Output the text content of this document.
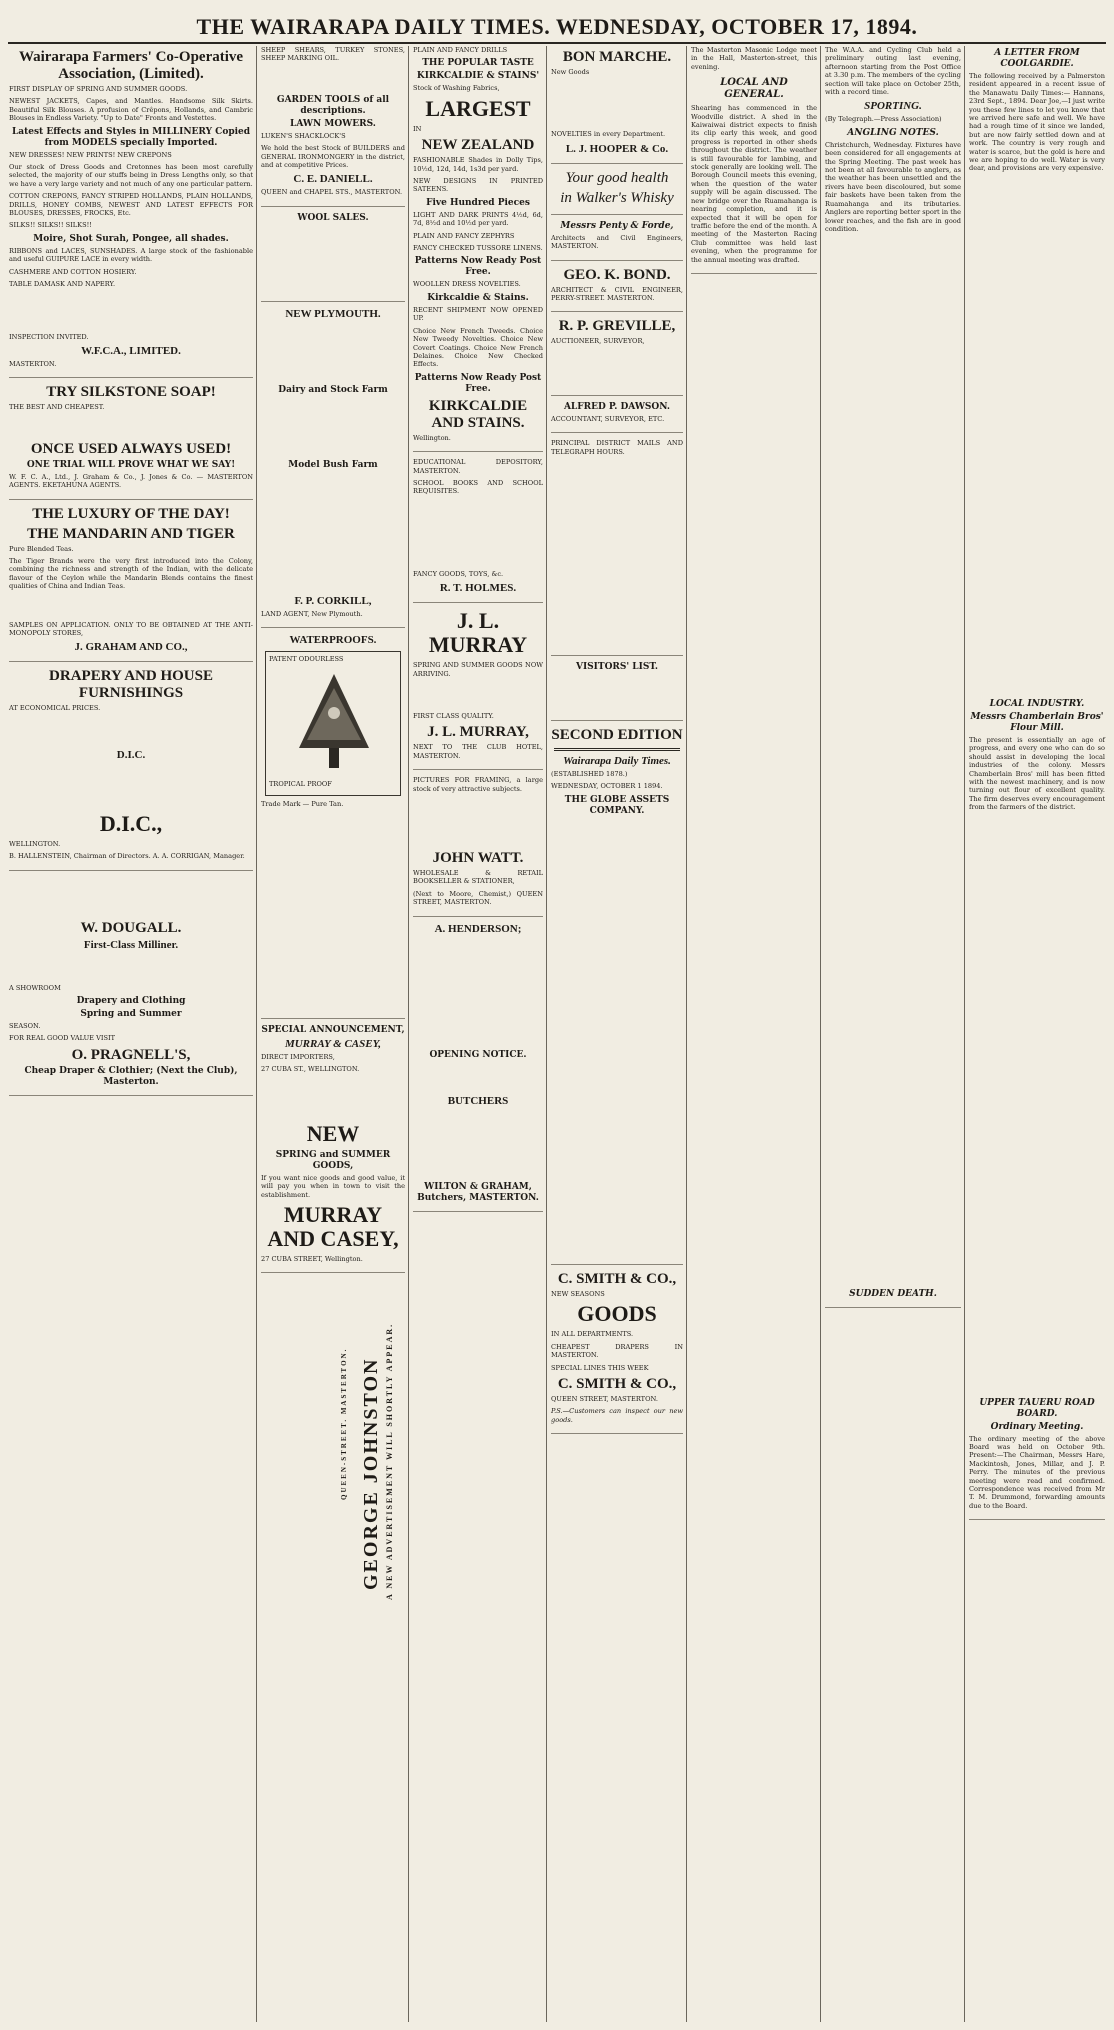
THE WAIRARAPA DAILY TIMES. WEDNESDAY, OCTOBER 17, 1894.
Wairarapa Farmers' Co-Operative Association, (Limited).

FIRST DISPLAY OF SPRING AND SUMMER GOODS.

NEWEST JACKETS, Capes, and Mantles. Handsome Silk Skirts. Beautiful Silk Blouses. A profusion of Crêpons, Hollands, and Cambric Blouses in Endless Variety. "Up to Date" Fronts and Vestettes.

Latest Effects and Styles in MILLINERY Copied from MODELS specially Imported.

NEW DRESSES! NEW PRINTS! NEW CREPONS

Our stock of Dress Goods and Cretonnes has been most carefully selected, the majority of our stuffs being in Dress Lengths only, so that we have a very large variety and not much of any one particular pattern.

COTTON CREPONS, FANCY STRIPED HOLLANDS, PLAIN HOLLANDS, DRILLS, HONEY COMBS, NEWEST AND LATEST EFFECTS FOR BLOUSES, DRESSES, FROCKS, Etc.

SILKS!! SILKS!! SILKS!!

Moire, Shot Surah, Pongee, all shades.

RIBBONS and LACES, SUNSHADES. A large stock of the fashionable and useful GUIPURE LACE in every width.

CASHMERE AND COTTON HOSIERY.

TABLE DAMASK AND NAPERY.

INSPECTION INVITED.

W.F.C.A., LIMITED.

MASTERTON.

TRY SILKSTONE SOAP!

THE BEST AND CHEAPEST.

ONCE USED ALWAYS USED!
ONE TRIAL WILL PROVE WHAT WE SAY!

W. F. C. A., Ltd., J. Graham & Co., J. Jones & Co. — MASTERTON AGENTS. EKETAHUNA AGENTS.

THE LUXURY OF THE DAY!
THE MANDARIN AND TIGER

Pure Blended Teas.

The Tiger Brands were the very first introduced into the Colony, combining the richness and strength of the Indian, with the delicate flavour of the Ceylon while the Mandarin Blends contains the finest qualities of China and Indian Teas.

SAMPLES ON APPLICATION. ONLY TO BE OBTAINED AT THE ANTI-MONOPOLY STORES,

J. GRAHAM AND CO.,
DRAPERY AND HOUSE FURNISHINGS

AT ECONOMICAL PRICES.

D.I.C.
D.I.C.,

WELLINGTON.

B. HALLENSTEIN, Chairman of Directors. A. A. CORRIGAN, Manager.

W. DOUGALL.
First-Class Milliner.

A SHOWROOM

Drapery and Clothing
Spring and Summer

SEASON.

FOR REAL GOOD VALUE VISIT

O. PRAGNELL'S,
Cheap Draper & Clothier; (Next the Club), Masterton.

SHEEP SHEARS, TURKEY STONES, SHEEP MARKING OIL.

GARDEN TOOLS of all descriptions.
LAWN MOWERS.

LUKEN'S SHACKLOCK'S

We hold the best Stock of BUILDERS and GENERAL IRONMONGERY in the district, and at competitive Prices.

C. E. DANIELL.

QUEEN and CHAPEL STS., MASTERTON.

WOOL SALES.
NEW PLYMOUTH.
Dairy and Stock Farm
Model Bush Farm
F. P. CORKILL,

LAND AGENT, New Plymouth.

WATERPROOFS.

PATENT ODOURLESS

TROPICAL PROOF

Trade Mark — Pure Tan.

SPECIAL ANNOUNCEMENT,
MURRAY & CASEY,

DIRECT IMPORTERS,

27 CUBA ST., WELLINGTON.

NEW
SPRING and SUMMER GOODS,

If you want nice goods and good value, it will pay you when in town to visit the establishment.

MURRAY AND CASEY,

27 CUBA STREET, Wellington.

A NEW ADVERTISEMENT WILL SHORTLY APPEAR.
GEORGE JOHNSTON
QUEEN-STREET. MASTERTON.

PLAIN AND FANCY DRILLS

THE POPULAR TASTE
KIRKCALDIE & STAINS'

Stock of Washing Fabrics,

LARGEST

IN

NEW ZEALAND

FASHIONABLE Shades in Dolly Tips, 10½d, 12d, 14d, 1s3d per yard.

NEW DESIGNS IN PRINTED SATEENS.

Five Hundred Pieces

LIGHT AND DARK PRINTS 4½d, 6d, 7d, 8½d and 10½d per yard.

PLAIN AND FANCY ZEPHYRS

FANCY CHECKED TUSSORE LINENS.

Patterns Now Ready Post Free.

WOOLLEN DRESS NOVELTIES.

Kirkcaldie & Stains.

RECENT SHIPMENT NOW OPENED UP.

Choice New French Tweeds. Choice New Tweedy Novelties. Choice New Covert Coatings. Choice New French Delaines. Choice New Checked Effects.

Patterns Now Ready Post Free.
KIRKCALDIE AND STAINS.

Wellington.

EDUCATIONAL DEPOSITORY, MASTERTON.

SCHOOL BOOKS AND SCHOOL REQUISITES.

FANCY GOODS, TOYS, &c.

R. T. HOLMES.
J. L. MURRAY

SPRING AND SUMMER GOODS NOW ARRIVING.

FIRST CLASS QUALITY.

J. L. MURRAY,

NEXT TO THE CLUB HOTEL, MASTERTON.

PICTURES FOR FRAMING, a large stock of very attractive subjects.

JOHN WATT.

WHOLESALE & RETAIL BOOKSELLER & STATIONER,

(Next to Moore, Chemist,) QUEEN STREET, MASTERTON.

A. HENDERSON;
OPENING NOTICE.
BUTCHERS
WILTON & GRAHAM, Butchers, MASTERTON.
BON MARCHE.

New Goods

NOVELTIES in every Department.

L. J. HOOPER & Co.
Your good health
in Walker's Whisky
Messrs Penty & Forde,

Architects and Civil Engineers, MASTERTON.

GEO. K. BOND.

ARCHITECT & CIVIL ENGINEER, PERRY-STREET. MASTERTON.

R. P. GREVILLE,

AUCTIONEER, SURVEYOR,

ALFRED P. DAWSON.

ACCOUNTANT, SURVEYOR, ETC.

PRINCIPAL DISTRICT MAILS AND TELEGRAPH HOURS.

VISITORS' LIST.
SECOND EDITION
Wairarapa Daily Times.

(ESTABLISHED 1878.)

WEDNESDAY, OCTOBER 1 1894.

THE GLOBE ASSETS COMPANY.
C. SMITH & CO.,

NEW SEASONS

GOODS

IN ALL DEPARTMENTS.

CHEAPEST DRAPERS IN MASTERTON.

SPECIAL LINES THIS WEEK

C. SMITH & CO.,

QUEEN STREET, MASTERTON.

P.S.—Customers can inspect our new goods.

The Masterton Masonic Lodge meet in the Hall, Masterton-street, this evening.

LOCAL AND GENERAL.

Shearing has commenced in the Woodville district. A shed in the Kaiwaiwai district expects to finish its clip early this week, and good progress is reported in other sheds throughout the district. The weather is still favourable for lambing, and stock generally are looking well. The Borough Council meets this evening, when the question of the water supply will be again discussed. The new bridge over the Ruamahanga is nearing completion, and it is expected that it will be open for traffic before the end of the month. A meeting of the Masterton Racing Club committee was held last evening, when the programme for the annual meeting was drafted.

The W.A.A. and Cycling Club held a preliminary outing last evening, afternoon starting from the Post Office at 3.30 p.m. The members of the cycling section will take place on October 25th, with a record time.

SPORTING.

(By Telegraph.—Press Association)

ANGLING NOTES.

Christchurch, Wednesday. Fixtures have been considered for all engagements at the Spring Meeting. The past week has not been at all favourable to anglers, as the weather has been unsettled and the rivers have been discoloured, but some fair baskets have been taken from the Ruamahanga and its tributaries. Anglers are reporting better sport in the lower reaches, and the fish are in good condition.

SUDDEN DEATH.
A LETTER FROM COOLGARDIE.

The following received by a Palmerston resident appeared in a recent issue of the Manawatu Daily Times:— Hannans, 23rd Sept., 1894. Dear Joe,—I just write you these few lines to let you know that we arrived here safe and well. We have had a rough time of it since we landed, but are now fairly settled down and at work. The country is very rough and water is scarce, but the gold is here and we are hoping to do well. Water is very dear, and provisions are very expensive.

LOCAL INDUSTRY.
Messrs Chamberlain Bros' Flour Mill.

The present is essentially an age of progress, and every one who can do so should assist in developing the local industries of the colony. Messrs Chamberlain Bros' mill has been fitted with the newest machinery, and is now turning out flour of excellent quality. The firm deserves every encouragement from the farmers of the district.

UPPER TAUERU ROAD BOARD.
Ordinary Meeting.

The ordinary meeting of the above Board was held on October 9th. Present:—The Chairman, Messrs Hare, Mackintosh, Jones, Millar, and J. P. Perry. The minutes of the previous meeting were read and confirmed. Correspondence was received from Mr T. M. Drummond, forwarding amounts due to the Board.
